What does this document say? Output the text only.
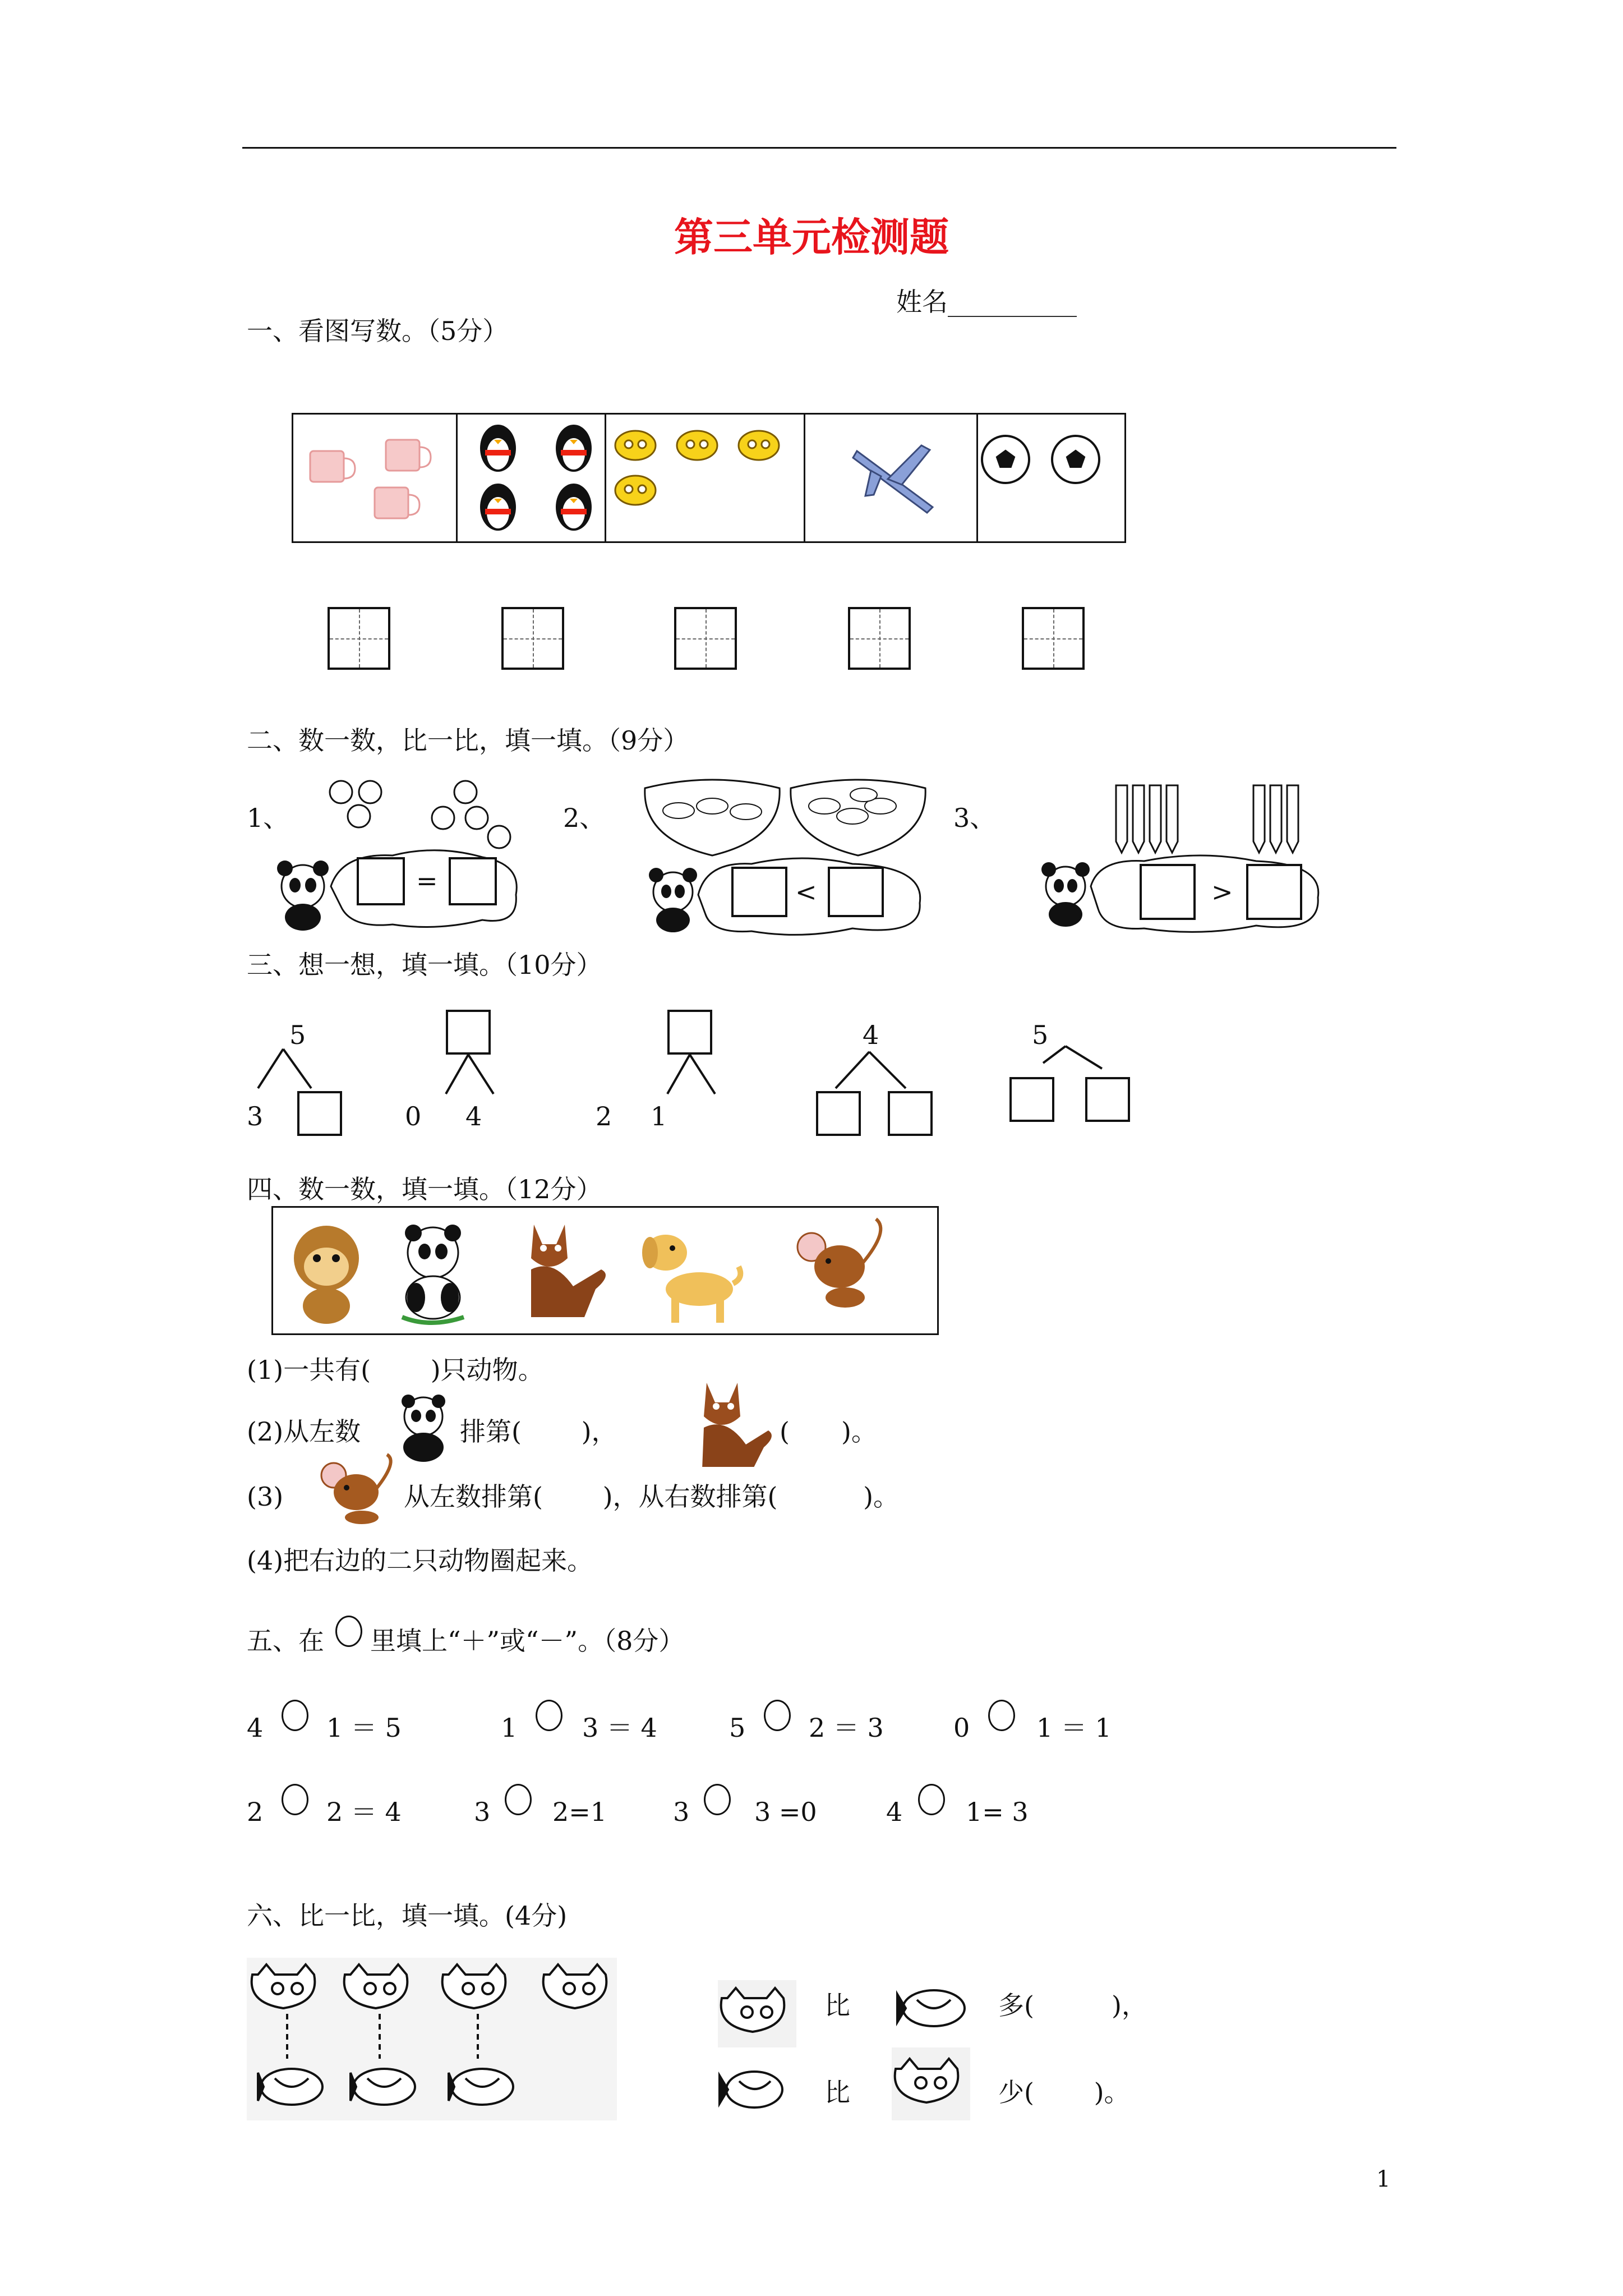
第三单元检测题
姓名__________
一、看图写数。（5分）
二、数一数，比一比，填一填。（9分）
1、
=
2、
<
3、
>
三、想一想，填一填。（10分）
5
3	0 4	2 1
4	5
四、数一数，填一填。（12分）
(1)一共有(　　 )只动物。
(2)从左数	排第(　　 )，	(　　)。
(3)	从左数排第(　　 )，从右数排第(　　　 )。
(4)把右边的二只动物圈起来。
五、在 里填上“＋”或“－”。（8分）
4 1 ＝ 5	1	3 ＝ 4	5 2 ＝ 3	0	1 ＝ 1
2 2 ＝ 4	3 2=1	3	3 =0	4 1= 3
六、比一比，填一填。(4分)
比	多(　　　)，
比	少(　　 )。
1
